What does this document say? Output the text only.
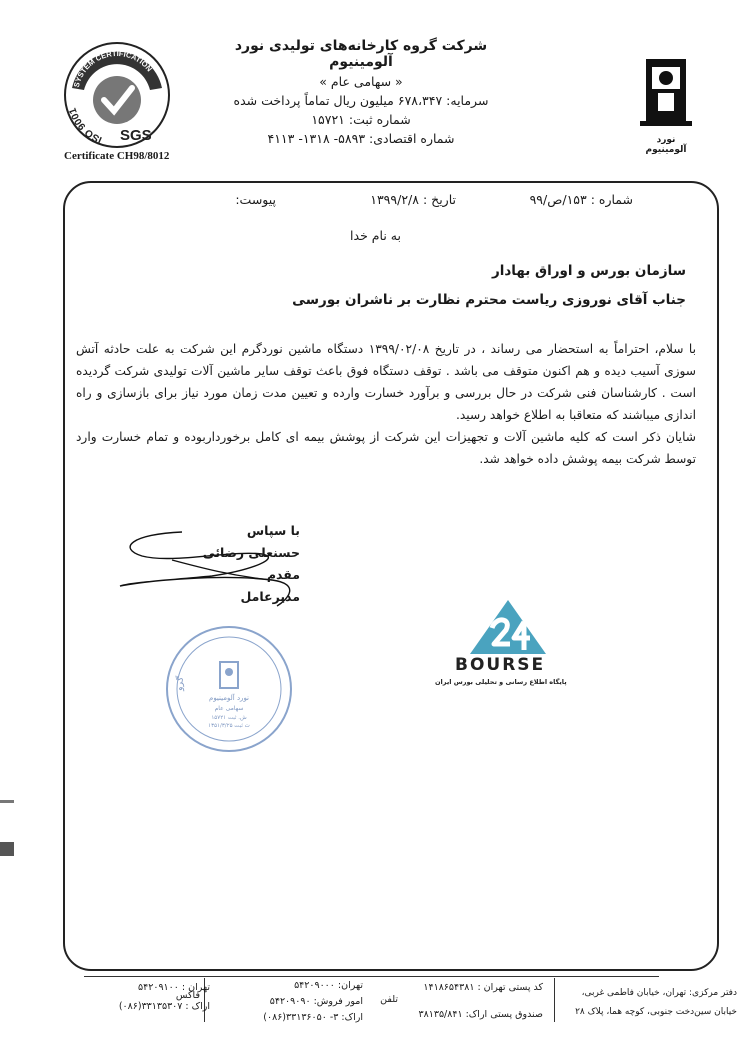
شرکت گروه کارخانه‌های تولیدی نورد آلومینیوم
« سهامی عام »
سرمایه: ۶۷۸،۳۴۷ میلیون ریال تماماً پرداخت شده
شماره ثبت: ۱۵۷۲۱
شماره اقتصادی: ۵۸۹۳- ۱۳۱۸- ۴۱۱۳	نورد آلومینیوم
SYSTEM CERTIFICATION
ISO 9001
SGS
Certificate CH98/8012
شماره : ۱۵۳/ص/۹۹
تاریخ : ۱۳۹۹/۲/۸
پیوست:
به نام خدا
سازمان بورس و اوراق بهادار
جناب آقای نوروزی ریاست محترم نظارت بر ناشران بورسی

با سلام، احتراماً به استحضار می رساند ، در تاریخ ۱۳۹۹/۰۲/۰۸ دستگاه ماشین نوردگرم این شرکت به علت حادثه آتش سوزی آسیب دیده و هم اکنون متوقف می باشد . توقف دستگاه فوق باعث توقف سایر ماشین آلات تولیدی شرکت گردیده است . کارشناسان فنی شرکت در حال بررسی و برآورد خسارت وارده و تعیین مدت زمان مورد نیاز برای بازسازی و راه اندازی میباشند که متعاقبا به اطلاع خواهد رسید.

شایان ذکر است که کلیه ماشین آلات و تجهیزات این شرکت از پوشش بیمه ای کامل برخورداربوده و تمام خسارت وارد توسط شرکت بیمه پوشش داده خواهد شد.

با سپاس
حسنعلی رضائی مقدم
مدیرعامل
گرو
نورد آلومینیوم
سهامی عام
ش. ثبت ۱۵۷۲۱
ت ثبت ۱۳۵۱/۳/۲۵
BOURSE
پایگاه اطلاع رسانی و تحلیلی بورس ایران
دفتر مرکزی: تهران، خیابان فاطمی غربی،
خیابان سین‌دخت جنوبی، کوچه هما، پلاک ۲۸
کد پستی تهران : ۱۴۱۸۶۵۴۳۸۱
صندوق پستی اراک: ۳۸۱۳۵/۸۴۱
تلفن
تهران: ۵۴۲۰۹۰۰۰
امور فروش: ۵۴۲۰۹۰۹۰
اراک: ۳- ۳۳۱۳۶۰۵۰(۰۸۶)
فاکس
تهران : ۵۴۲۰۹۱۰۰
اراک : ۳۳۱۳۵۳۰۷(۰۸۶)
